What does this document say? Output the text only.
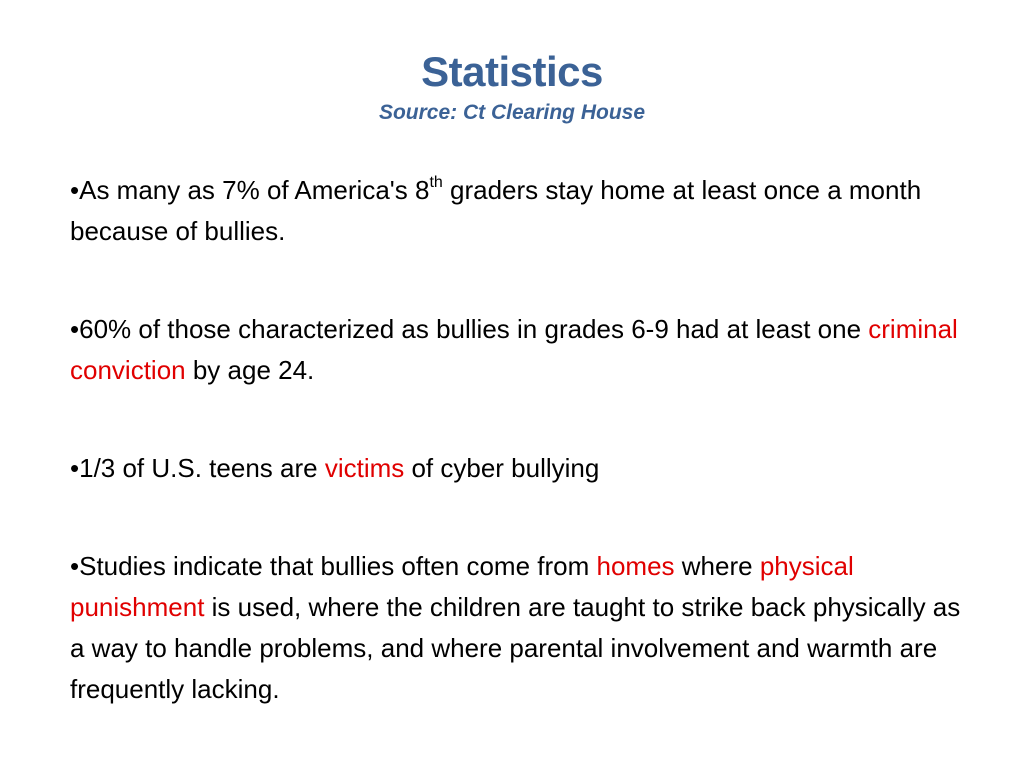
Statistics

Source: Ct Clearing House

•As many as 7% of America's 8th graders stay home at least once a month because of bullies.
•60% of those characterized as bullies in grades 6-9 had at least one criminal conviction by age 24.
•1/3 of U.S. teens are victims of cyber bullying
•Studies indicate that bullies often come from homes where physical punishment is used, where the children are taught to strike back physically as a way to handle problems, and where parental involvement and warmth are frequently lacking.
